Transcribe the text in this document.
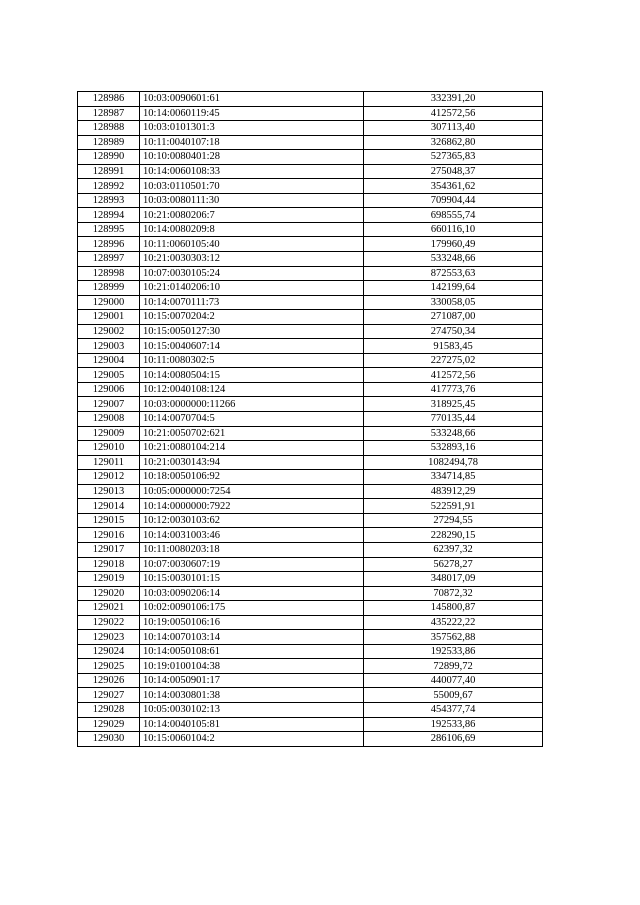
128986	10:03:0090601:61	332391,20
128987	10:14:0060119:45	412572,56
128988	10:03:0101301:3	307113,40
128989	10:11:0040107:18	326862,80
128990	10:10:0080401:28	527365,83
128991	10:14:0060108:33	275048,37
128992	10:03:0110501:70	354361,62
128993	10:03:0080111:30	709904,44
128994	10:21:0080206:7	698555,74
128995	10:14:0080209:8	660116,10
128996	10:11:0060105:40	179960,49
128997	10:21:0030303:12	533248,66
128998	10:07:0030105:24	872553,63
128999	10:21:0140206:10	142199,64
129000	10:14:0070111:73	330058,05
129001	10:15:0070204:2	271087,00
129002	10:15:0050127:30	274750,34
129003	10:15:0040607:14	91583,45
129004	10:11:0080302:5	227275,02
129005	10:14:0080504:15	412572,56
129006	10:12:0040108:124	417773,76
129007	10:03:0000000:11266	318925,45
129008	10:14:0070704:5	770135,44
129009	10:21:0050702:621	533248,66
129010	10:21:0080104:214	532893,16
129011	10:21:0030143:94	1082494,78
129012	10:18:0050106:92	334714,85
129013	10:05:0000000:7254	483912,29
129014	10:14:0000000:7922	522591,91
129015	10:12:0030103:62	27294,55
129016	10:14:0031003:46	228290,15
129017	10:11:0080203:18	62397,32
129018	10:07:0030607:19	56278,27
129019	10:15:0030101:15	348017,09
129020	10:03:0090206:14	70872,32
129021	10:02:0090106:175	145800,87
129022	10:19:0050106:16	435222,22
129023	10:14:0070103:14	357562,88
129024	10:14:0050108:61	192533,86
129025	10:19:0100104:38	72899,72
129026	10:14:0050901:17	440077,40
129027	10:14:0030801:38	55009,67
129028	10:05:0030102:13	454377,74
129029	10:14:0040105:81	192533,86
129030	10:15:0060104:2	286106,69
